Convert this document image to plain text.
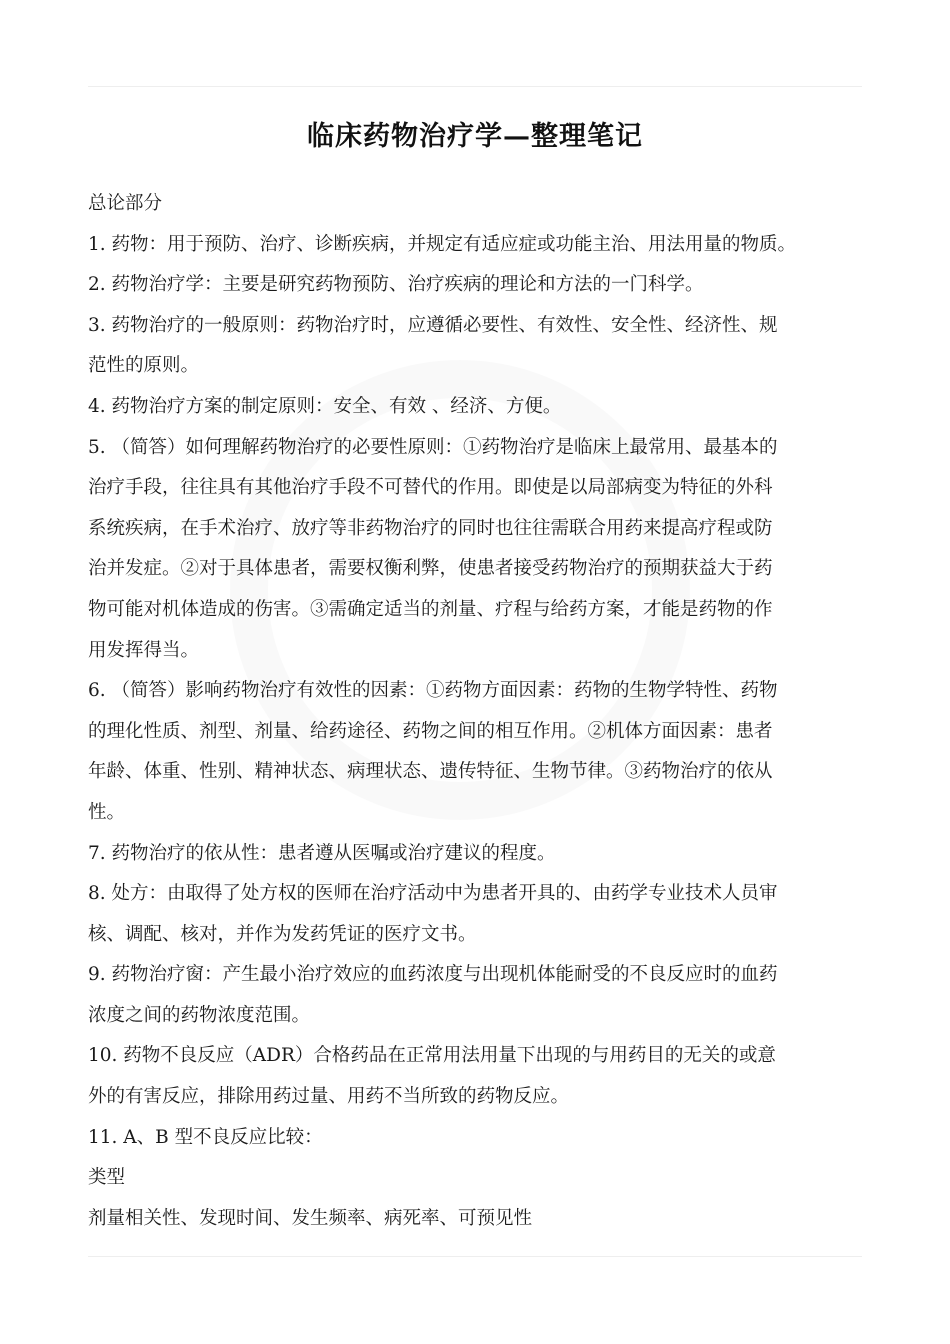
临床药物治疗学—整理笔记
总论部分
1. 药物：用于预防、治疗、诊断疾病，并规定有适应症或功能主治、用法用量的物质。
2. 药物治疗学：主要是研究药物预防、治疗疾病的理论和方法的一门科学。
3. 药物治疗的一般原则：药物治疗时，应遵循必要性、有效性、安全性、经济性、规
范性的原则。
4. 药物治疗方案的制定原则：安全、有效 、经济、方便。
5. （简答）如何理解药物治疗的必要性原则：①药物治疗是临床上最常用、最基本的
治疗手段，往往具有其他治疗手段不可替代的作用。即使是以局部病变为特征的外科
系统疾病，在手术治疗、放疗等非药物治疗的同时也往往需联合用药来提高疗程或防
治并发症。②对于具体患者，需要权衡利弊，使患者接受药物治疗的预期获益大于药
物可能对机体造成的伤害。③需确定适当的剂量、疗程与给药方案，才能是药物的作
用发挥得当。
6. （简答）影响药物治疗有效性的因素：①药物方面因素：药物的生物学特性、药物
的理化性质、剂型、剂量、给药途径、药物之间的相互作用。②机体方面因素：患者
年龄、体重、性别、精神状态、病理状态、遗传特征、生物节律。③药物治疗的依从
性。
7. 药物治疗的依从性：患者遵从医嘱或治疗建议的程度。
8. 处方：由取得了处方权的医师在治疗活动中为患者开具的、由药学专业技术人员审
核、调配、核对，并作为发药凭证的医疗文书。
9. 药物治疗窗：产生最小治疗效应的血药浓度与出现机体能耐受的不良反应时的血药
浓度之间的药物浓度范围。
10. 药物不良反应（ADR）合格药品在正常用法用量下出现的与用药目的无关的或意
外的有害反应，排除用药过量、用药不当所致的药物反应。
11. A、B 型不良反应比较：
类型
剂量相关性、发现时间、发生频率、病死率、可预见性
